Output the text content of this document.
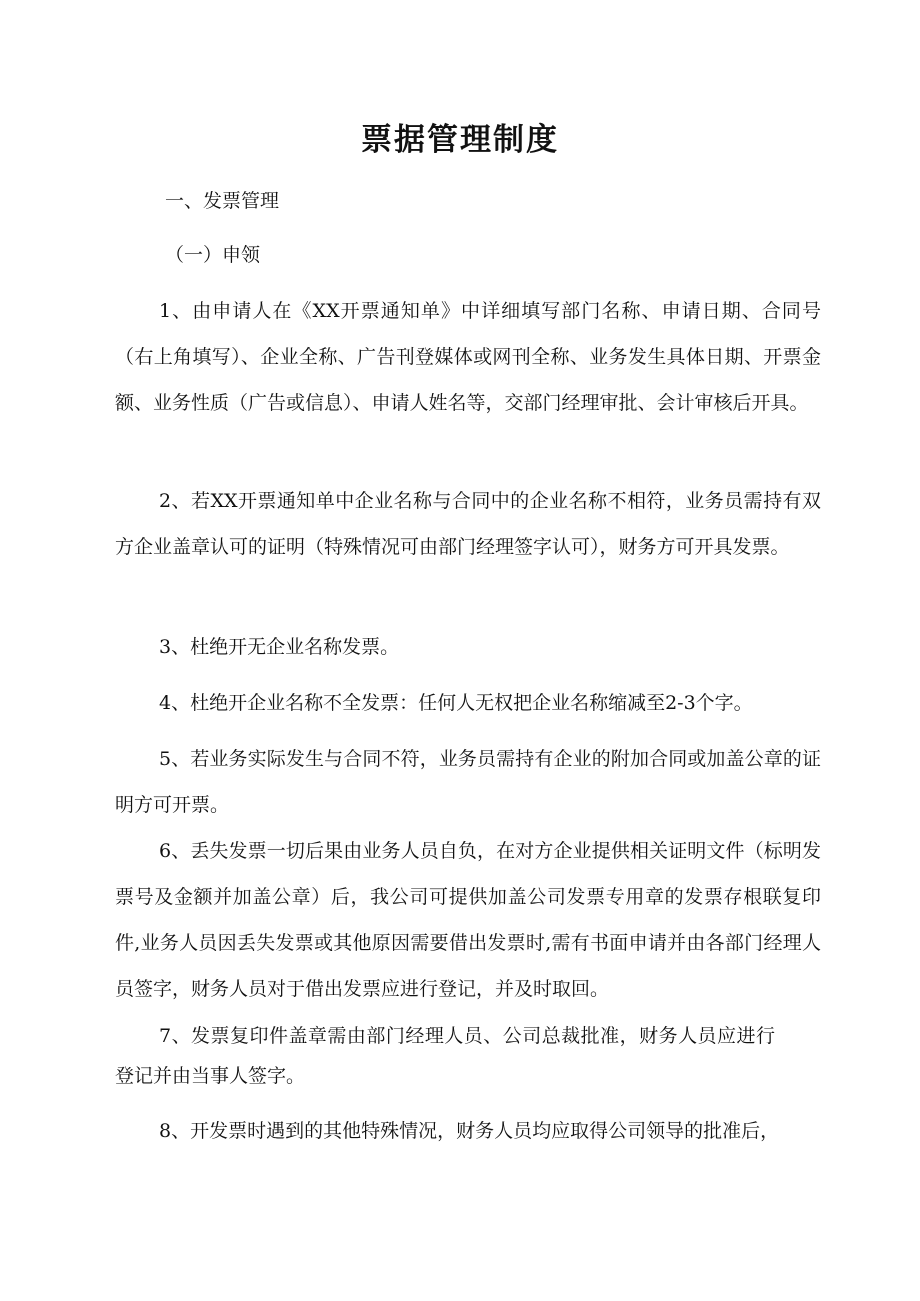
票据管理制度

一、发票管理

（一）申领

1、由申请人在《XX开票通知单》中详细填写部门名称、申请日期、合同号（右上角填写）、企业全称、广告刊登媒体或网刊全称、业务发生具体日期、开票金额、业务性质（广告或信息）、申请人姓名等，交部门经理审批、会计审核后开具。

2、若XX开票通知单中企业名称与合同中的企业名称不相符，业务员需持有双方企业盖章认可的证明（特殊情况可由部门经理签字认可），财务方可开具发票。

3、杜绝开无企业名称发票。

4、杜绝开企业名称不全发票：任何人无权把企业名称缩减至2-3个字。

5、若业务实际发生与合同不符，业务员需持有企业的附加合同或加盖公章的证明方可开票。

6、丢失发票一切后果由业务人员自负，在对方企业提供相关证明文件（标明发票号及金额并加盖公章）后，我公司可提供加盖公司发票专用章的发票存根联复印件,业务人员因丢失发票或其他原因需要借出发票时,需有书面申请并由各部门经理人员签字，财务人员对于借出发票应进行登记，并及时取回。

7、发票复印件盖章需由部门经理人员、公司总裁批准，财务人员应进行登记并由当事人签字。

8、开发票时遇到的其他特殊情况，财务人员均应取得公司领导的批准后，
